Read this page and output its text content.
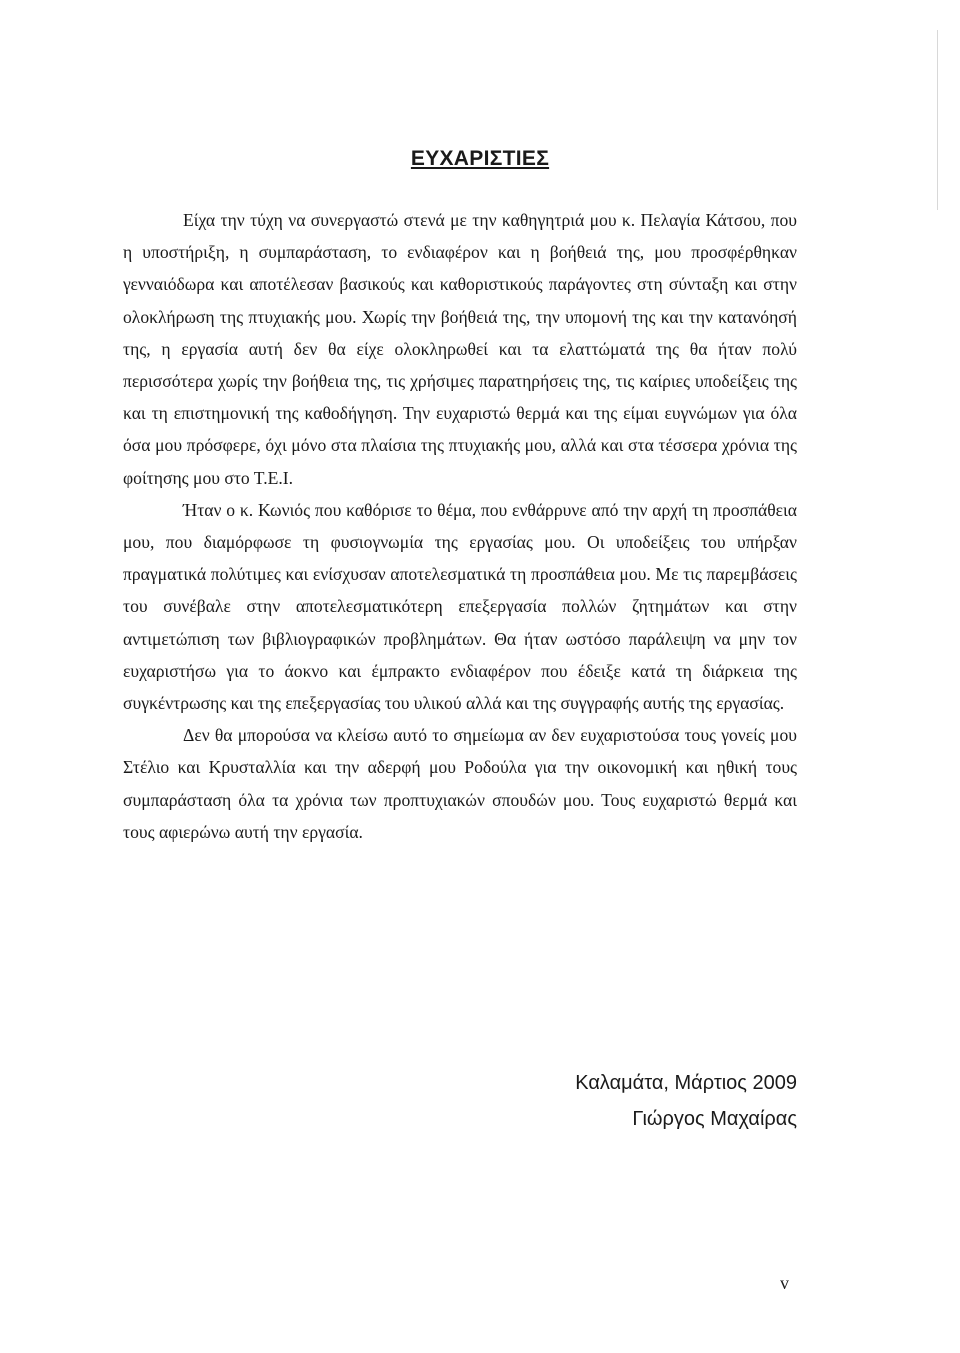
ΕΥΧΑΡΙΣΤΙΕΣ

Είχα την τύχη να συνεργαστώ στενά με την καθηγητριά μου κ. Πελαγία Κάτσου, που η υποστήριξη, η συμπαράσταση, το ενδιαφέρον και η βοήθειά της, μου προσφέρθηκαν γενναιόδωρα και αποτέλεσαν βασικούς και καθοριστικούς παράγοντες στη σύνταξη και στην ολοκλήρωση της πτυχιακής μου. Χωρίς την βοήθειά της, την υπομονή της και την κατανόησή της, η εργασία αυτή δεν θα είχε ολοκληρωθεί και τα ελαττώματά της θα ήταν πολύ περισσότερα χωρίς την βοήθεια της, τις χρήσιμες παρατηρήσεις της, τις καίριες υποδείξεις της και τη επιστημονική της καθοδήγηση. Την ευχαριστώ θερμά και της είμαι ευγνώμων για όλα όσα μου πρόσφερε, όχι μόνο στα πλαίσια της πτυχιακής μου, αλλά και στα τέσσερα χρόνια της φοίτησης μου στο Τ.Ε.Ι.

Ήταν ο κ. Κωνιός που καθόρισε το θέμα, που ενθάρρυνε από την αρχή τη προσπάθεια μου, που διαμόρφωσε τη φυσιογνωμία της εργασίας μου. Οι υποδείξεις του υπήρξαν πραγματικά πολύτιμες και ενίσχυσαν αποτελεσματικά τη προσπάθεια μου. Με τις παρεμβάσεις του συνέβαλε στην αποτελεσματικότερη επεξεργασία πολλών ζητημάτων και στην αντιμετώπιση των βιβλιογραφικών προβλημάτων. Θα ήταν ωστόσο παράλειψη να μην τον ευχαριστήσω για το άοκνο και έμπρακτο ενδιαφέρον που έδειξε κατά τη διάρκεια της συγκέντρωσης και της επεξεργασίας του υλικού αλλά και της συγγραφής αυτής της εργασίας.

Δεν θα μπορούσα να κλείσω αυτό το σημείωμα αν δεν ευχαριστούσα τους γονείς μου Στέλιο και Κρυσταλλία και την αδερφή μου Ροδούλα για την οικονομική και ηθική τους συμπαράσταση όλα τα χρόνια των προπτυχιακών σπουδών μου. Τους ευχαριστώ θερμά και τους αφιερώνω αυτή την εργασία.

Καλαμάτα, Μάρτιος 2009
Γιώργος Μαχαίρας
v
